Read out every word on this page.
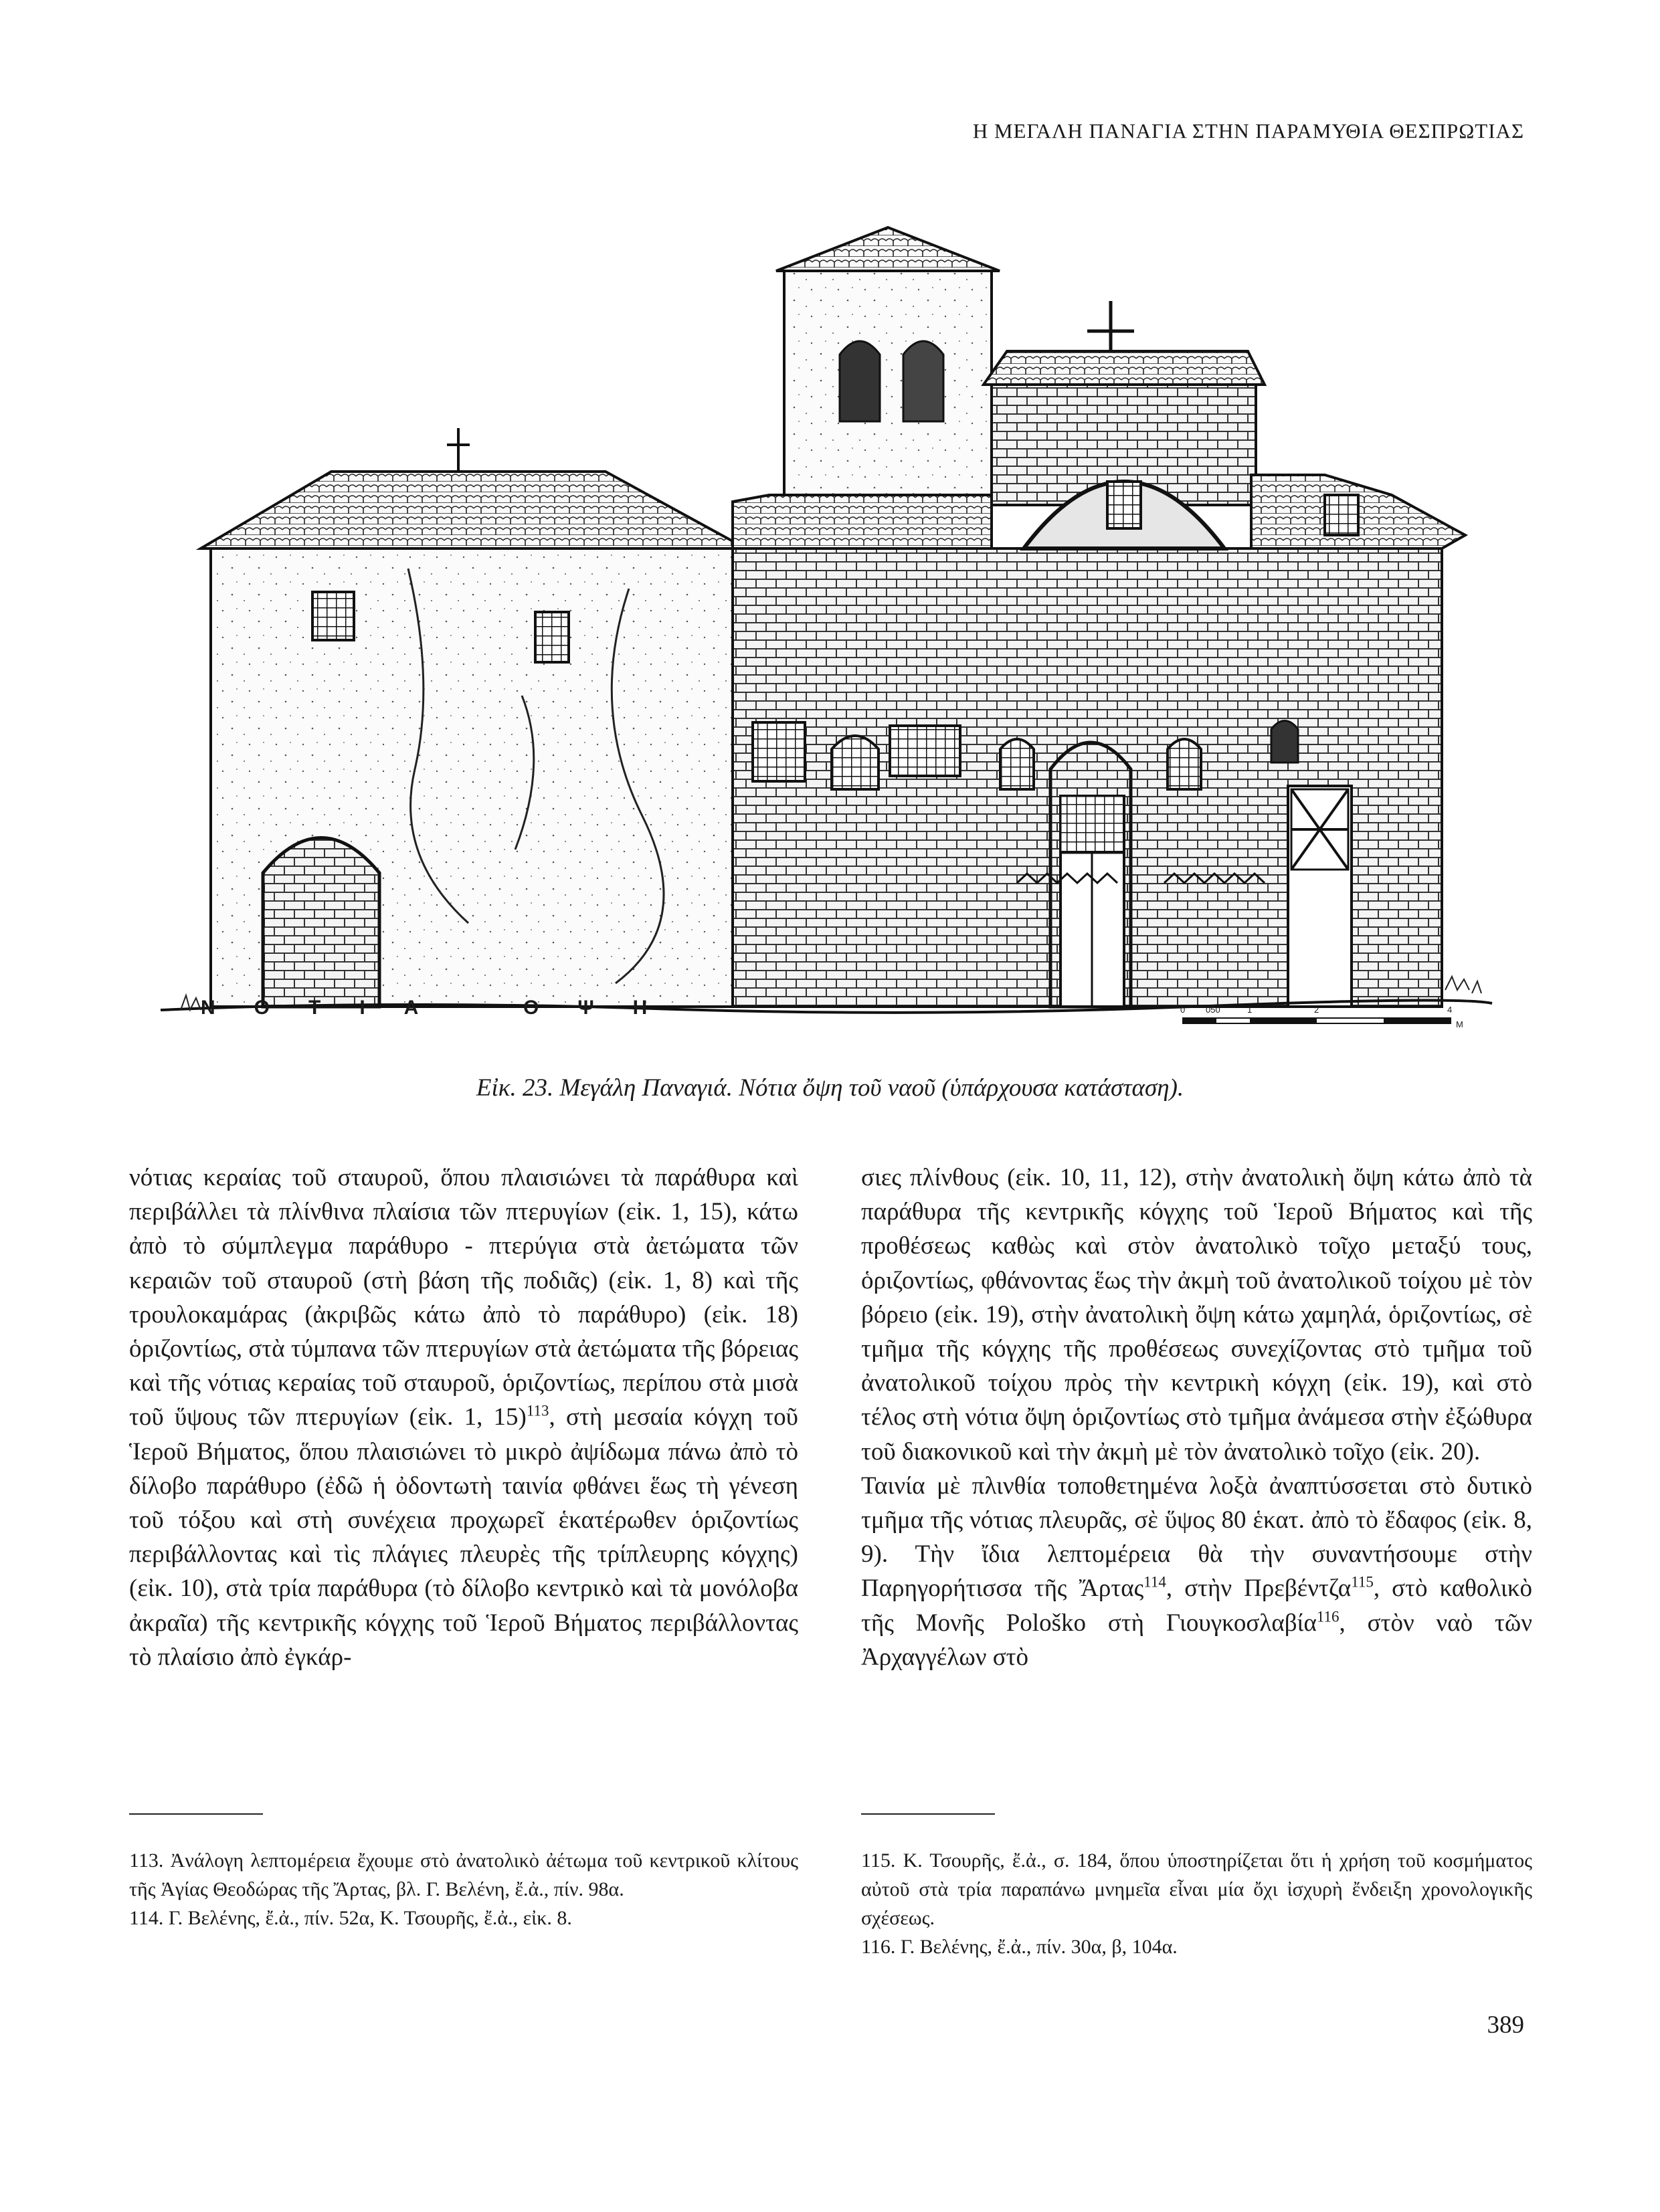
Η ΜΕΓΑΛΗ ΠΑΝΑΓΙΑ ΣΤΗΝ ΠΑΡΑΜΥΘΙΑ ΘΕΣΠΡΩΤΙΑΣ
ΝΟΤΙΑ	ΟΨΗ	0 050	1	2	4
M
Εἰκ. 23. Μεγάλη Παναγιά. Νότια ὄψη τοῦ ναοῦ (ὑπάρχουσα κατάσταση).

νότιας κεραίας τοῦ σταυροῦ, ὅπου πλαισιώνει τὰ παράθυρα καὶ περιβάλλει τὰ πλίνθινα πλαίσια τῶν πτερυγίων (εἰκ. 1, 15), κάτω ἀπὸ τὸ σύμπλεγμα παράθυρο - πτερύγια στὰ ἀετώματα τῶν κεραιῶν τοῦ σταυροῦ (στὴ βάση τῆς ποδιᾶς) (εἰκ. 1, 8) καὶ τῆς τρουλοκαμάρας (ἀκριβῶς κάτω ἀπὸ τὸ παράθυρο) (εἰκ. 18) ὁριζοντίως, στὰ τύμπανα τῶν πτερυγίων στὰ ἀετώματα τῆς βόρειας καὶ τῆς νότιας κεραίας τοῦ σταυροῦ, ὁριζοντίως, περίπου στὰ μισὰ τοῦ ὕψους τῶν πτερυγίων (εἰκ. 1, 15)$^{113}$, στὴ μεσαία κόγχη τοῦ Ἱεροῦ Βήματος, ὅπου πλαισιώνει τὸ μικρὸ ἀψίδωμα πάνω ἀπὸ τὸ δίλοβο παράθυρο (ἐδῶ ἡ ὀδοντωτὴ ταινία φθάνει ἕως τὴ γένεση τοῦ τόξου καὶ στὴ συνέχεια προχωρεῖ ἑκατέρωθεν ὁριζοντίως περιβάλλοντας καὶ τὶς πλάγιες πλευρὲς τῆς τρίπλευρης κόγχης) (εἰκ. 10), στὰ τρία παράθυρα (τὸ δίλοβο κεντρικὸ καὶ τὰ μονόλοβα ἀκραῖα) τῆς κεντρικῆς κόγχης τοῦ Ἱεροῦ Βήματος περιβάλλοντας τὸ πλαίσιο ἀπὸ ἐγκάρ-

σιες πλίνθους (εἰκ. 10, 11, 12), στὴν ἀνατολικὴ ὄψη κάτω ἀπὸ τὰ παράθυρα τῆς κεντρικῆς κόγχης τοῦ Ἱεροῦ Βήματος καὶ τῆς προθέσεως καθὼς καὶ στὸν ἀνατολικὸ τοῖχο μεταξύ τους, ὁριζοντίως, φθάνοντας ἕως τὴν ἀκμὴ τοῦ ἀνατολικοῦ τοίχου μὲ τὸν βόρειο (εἰκ. 19), στὴν ἀνατολικὴ ὄψη κάτω χαμηλά, ὁριζοντίως, σὲ τμῆμα τῆς κόγχης τῆς προθέσεως συνεχίζοντας στὸ τμῆμα τοῦ ἀνατολικοῦ τοίχου πρὸς τὴν κεντρικὴ κόγχη (εἰκ. 19), καὶ στὸ τέλος στὴ νότια ὄψη ὁριζοντίως στὸ τμῆμα ἀνάμεσα στὴν ἐξώθυρα τοῦ διακονικοῦ καὶ τὴν ἀκμὴ μὲ τὸν ἀνατολικὸ τοῖχο (εἰκ. 20).

Ταινία μὲ πλινθία τοποθετημένα λοξὰ ἀναπτύσσεται στὸ δυτικὸ τμῆμα τῆς νότιας πλευρᾶς, σὲ ὕψος 80 ἑκατ. ἀπὸ τὸ ἔδαφος (εἰκ. 8, 9). Τὴν ἴδια λεπτομέρεια θὰ τὴν συναντήσουμε στὴν Παρηγορήτισσα τῆς Ἄρτας$^{114}$, στὴν Πρεβέντζα$^{115}$, στὸ καθολικὸ τῆς Μονῆς Pološko στὴ Γιουγκοσλαβία$^{116}$, στὸν ναὸ τῶν Ἀρχαγγέλων στὸ

113. Ἀνάλογη λεπτομέρεια ἔχουμε στὸ ἀνατολικὸ ἀέτωμα τοῦ κεντρικοῦ κλίτους τῆς Ἁγίας Θεοδώρας τῆς Ἄρτας, βλ. Γ. Βελένη, ἔ.ἀ., πίν. 98α.

114. Γ. Βελένης, ἔ.ἀ., πίν. 52α, Κ. Τσουρῆς, ἔ.ἀ., εἰκ. 8.

115. Κ. Τσουρῆς, ἔ.ἀ., σ. 184, ὅπου ὑποστηρίζεται ὅτι ἡ χρήση τοῦ κοσμήματος αὐτοῦ στὰ τρία παραπάνω μνημεῖα εἶναι μία ὄχι ἰσχυρὴ ἔνδειξη χρονολογικῆς σχέσεως.

116. Γ. Βελένης, ἔ.ἀ., πίν. 30α, β, 104α.

389
